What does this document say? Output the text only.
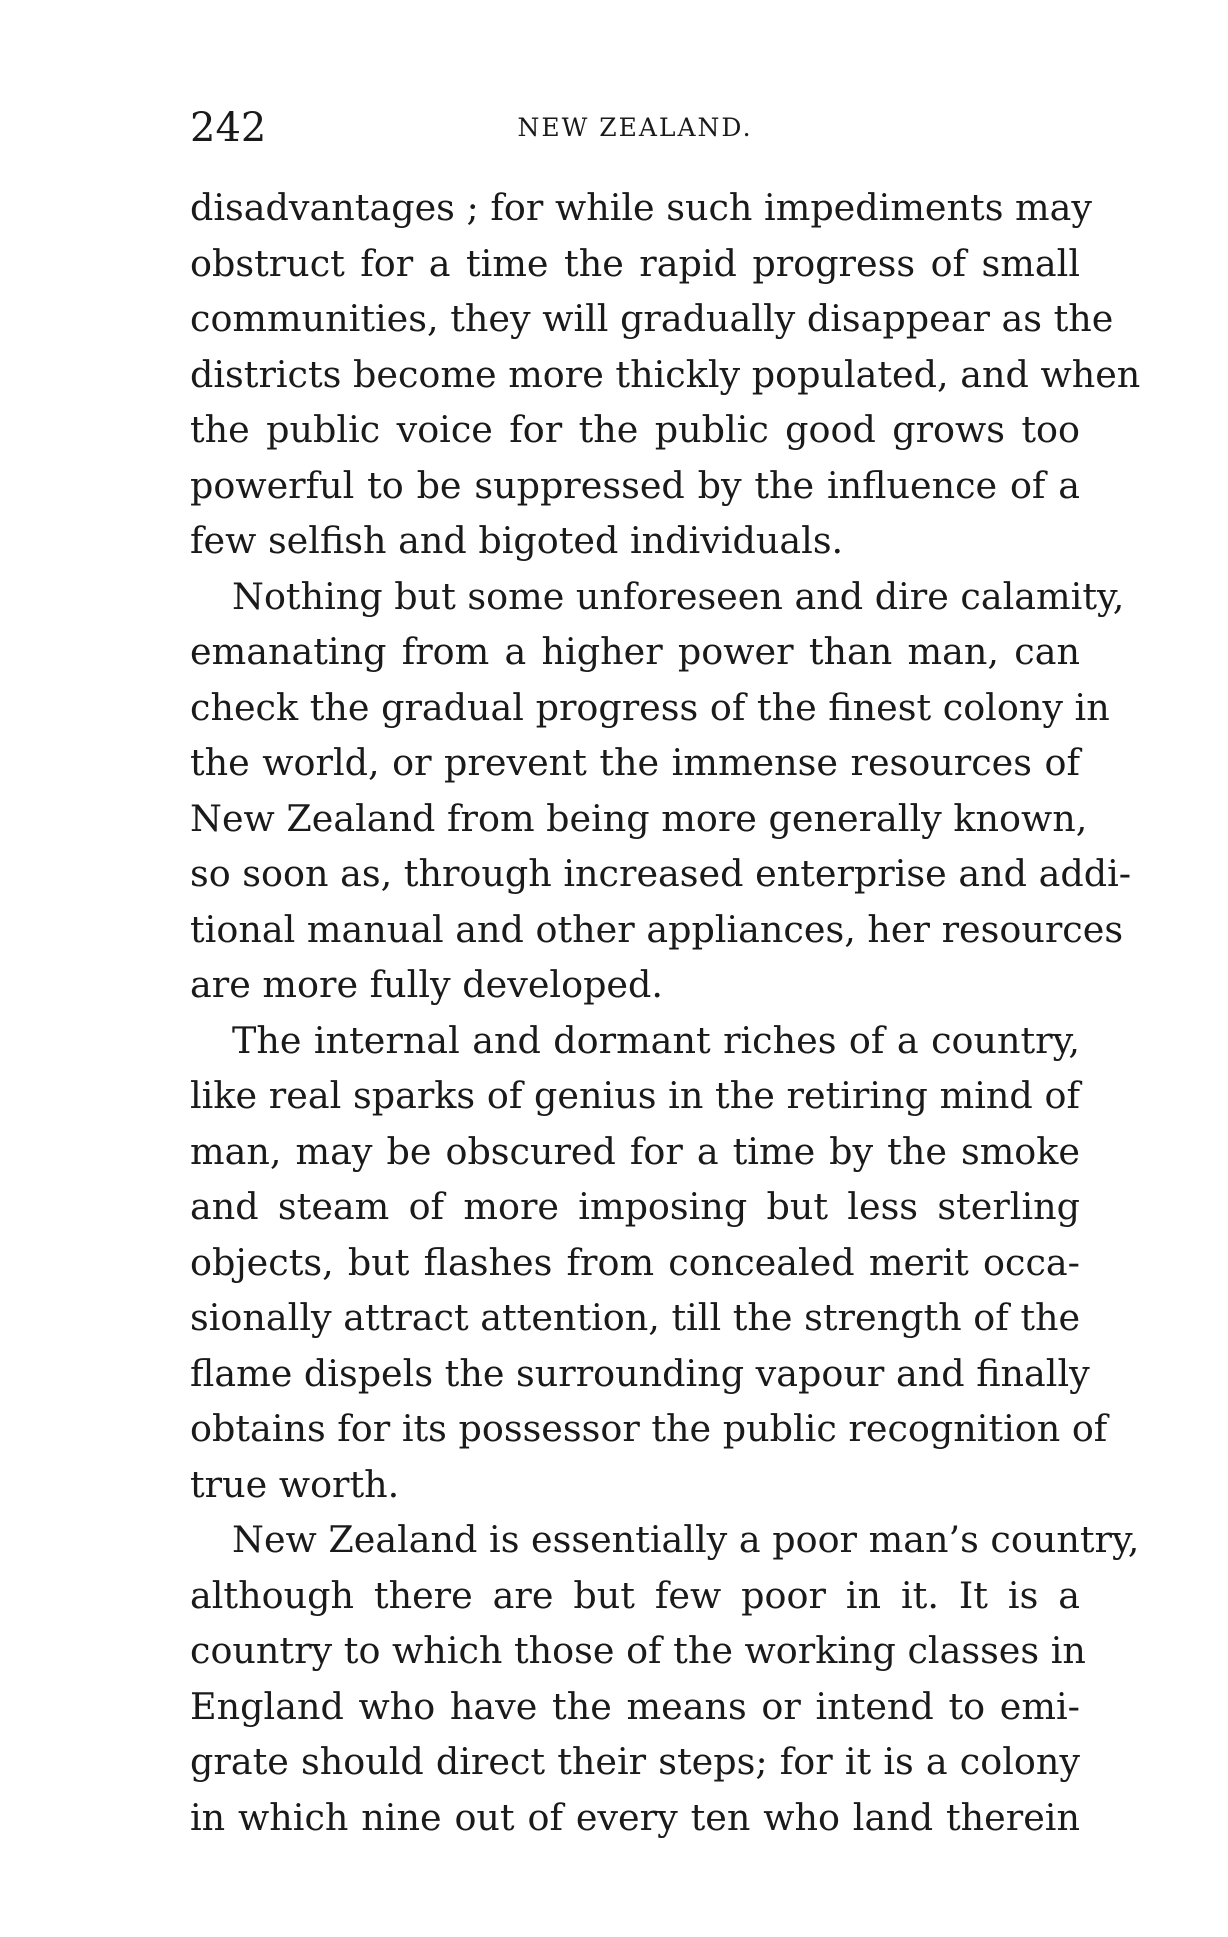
242	NEW ZEALAND.
disadvantages ; for while such impediments may
obstruct for a time the rapid progress of small
communities, they will gradually disappear as the
districts become more thickly populated, and when
the public voice for the public good grows too
powerful to be suppressed by the influence of a
few selfish and bigoted individuals.
Nothing but some unforeseen and dire calamity,
emanating from a higher power than man, can
check the gradual progress of the finest colony in
the world, or prevent the immense resources of
New Zealand from being more generally known,
so soon as, through increased enterprise and addi-
tional manual and other appliances, her resources
are more fully developed.
The internal and dormant riches of a country,
like real sparks of genius in the retiring mind of
man, may be obscured for a time by the smoke
and steam of more imposing but less sterling
objects, but flashes from concealed merit occa-
sionally attract attention, till the strength of the
flame dispels the surrounding vapour and finally
obtains for its possessor the public recognition of
true worth.
New Zealand is essentially a poor man’s country,
although there are but few poor in it. It is a
country to which those of the working classes in
England who have the means or intend to emi-
grate should direct their steps; for it is a colony
in which nine out of every ten who land therein
